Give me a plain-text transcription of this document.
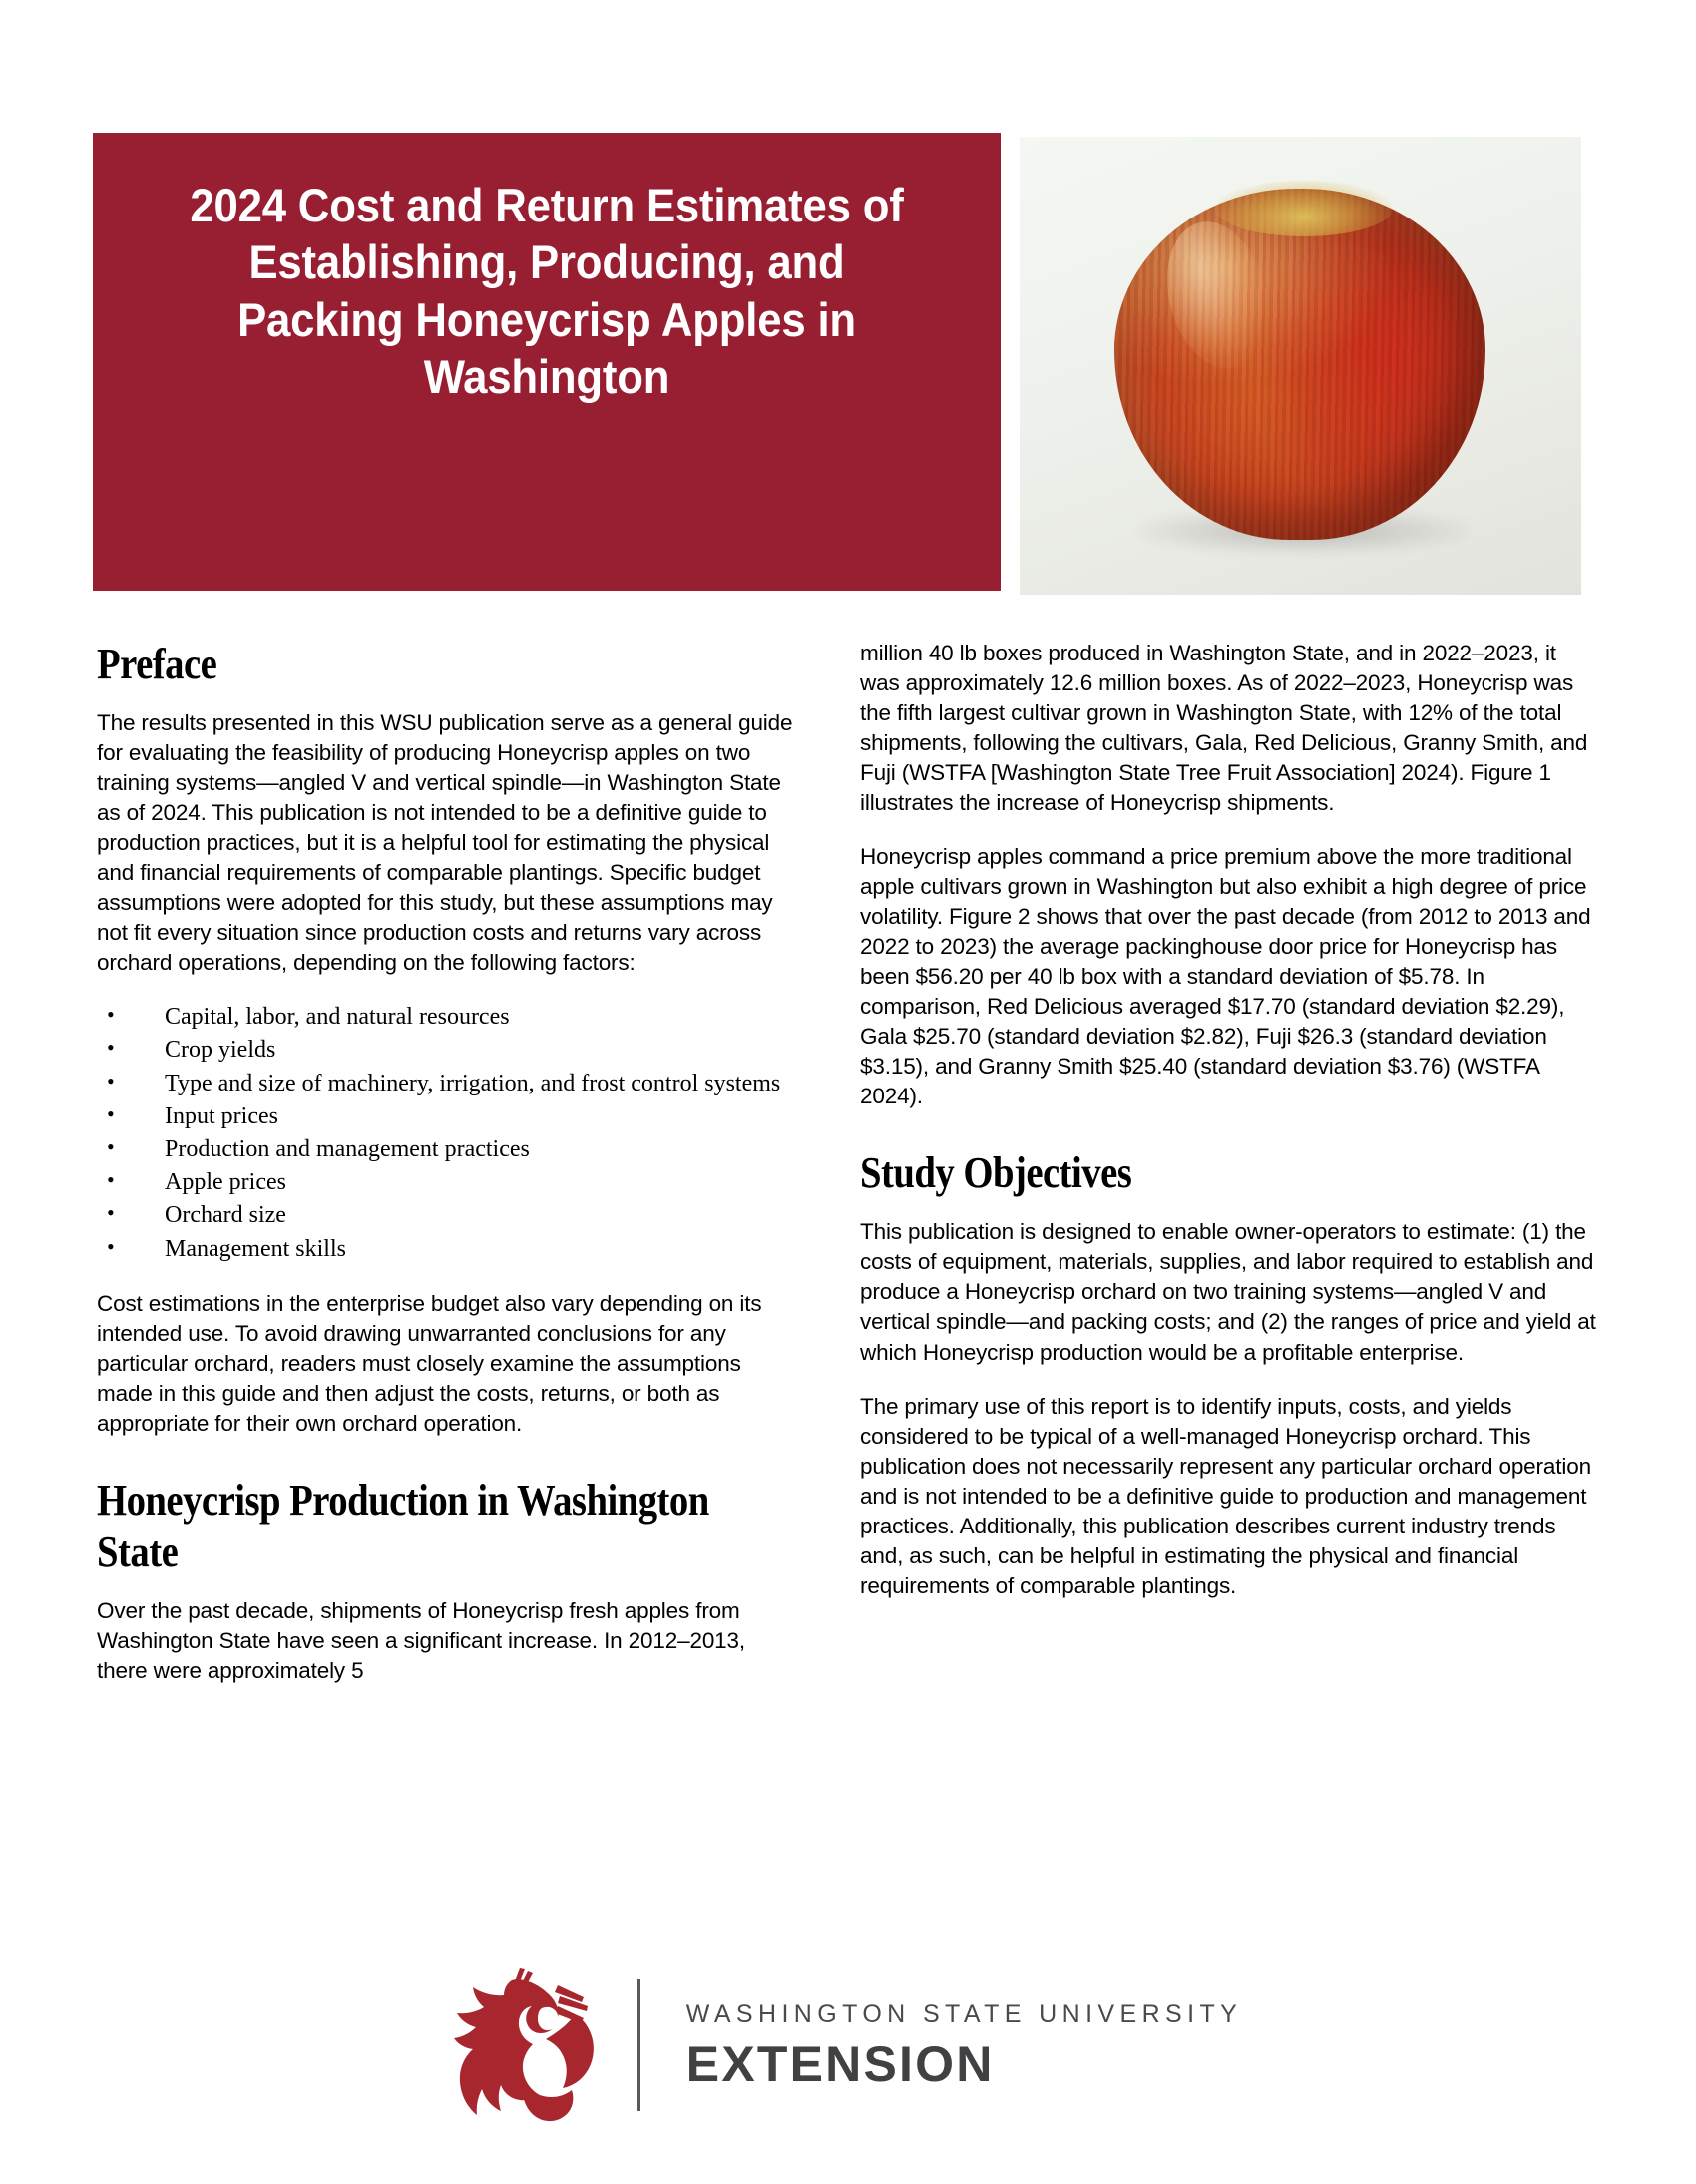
2024 Cost and Return Estimates of Establishing, Producing, and Packing Honeycrisp Apples in Washington
Preface

The results presented in this WSU publication serve as a general guide for evaluating the feasibility of producing Honeycrisp apples on two training systems—angled V and vertical spindle—in Washington State as of 2024. This publication is not intended to be a definitive guide to production practices, but it is a helpful tool for estimating the physical and financial requirements of comparable plantings. Specific budget assumptions were adopted for this study, but these assumptions may not fit every situation since production costs and returns vary across orchard operations, depending on the following factors:

• Capital, labor, and natural resources
• Crop yields
• Type and size of machinery, irrigation, and frost control systems
• Input prices
• Production and management practices
• Apple prices
• Orchard size
• Management skills

Cost estimations in the enterprise budget also vary depending on its intended use. To avoid drawing unwarranted conclusions for any particular orchard, readers must closely examine the assumptions made in this guide and then adjust the costs, returns, or both as appropriate for their own orchard operation.

Honeycrisp Production in Washington State

Over the past decade, shipments of Honeycrisp fresh apples from Washington State have seen a significant increase. In 2012–2013, there were approximately 5

million 40 lb boxes produced in Washington State, and in 2022–2023, it was approximately 12.6 million boxes. As of 2022–2023, Honeycrisp was the fifth largest cultivar grown in Washington State, with 12% of the total shipments, following the cultivars, Gala, Red Delicious, Granny Smith, and Fuji (WSTFA [Washington State Tree Fruit Association] 2024). Figure 1 illustrates the increase of Honeycrisp shipments.

Honeycrisp apples command a price premium above the more traditional apple cultivars grown in Washington but also exhibit a high degree of price volatility. Figure 2 shows that over the past decade (from 2012 to 2013 and 2022 to 2023) the average packinghouse door price for Honeycrisp has been $56.20 per 40 lb box with a standard deviation of $5.78. In comparison, Red Delicious averaged $17.70 (standard deviation $2.29), Gala $25.70 (standard deviation $2.82), Fuji $26.3 (standard deviation $3.15), and Granny Smith $25.40 (standard deviation $3.76) (WSTFA 2024).

Study Objectives

This publication is designed to enable owner-operators to estimate: (1) the costs of equipment, materials, supplies, and labor required to establish and produce a Honeycrisp orchard on two training systems—angled V and vertical spindle—and packing costs; and (2) the ranges of price and yield at which Honeycrisp production would be a profitable enterprise.

The primary use of this report is to identify inputs, costs, and yields considered to be typical of a well-managed Honeycrisp orchard. This publication does not necessarily represent any particular orchard operation and is not intended to be a definitive guide to production and management practices. Additionally, this publication describes current industry trends and, as such, can be helpful in estimating the physical and financial requirements of comparable plantings.

WASHINGTON STATE UNIVERSITY
EXTENSION
